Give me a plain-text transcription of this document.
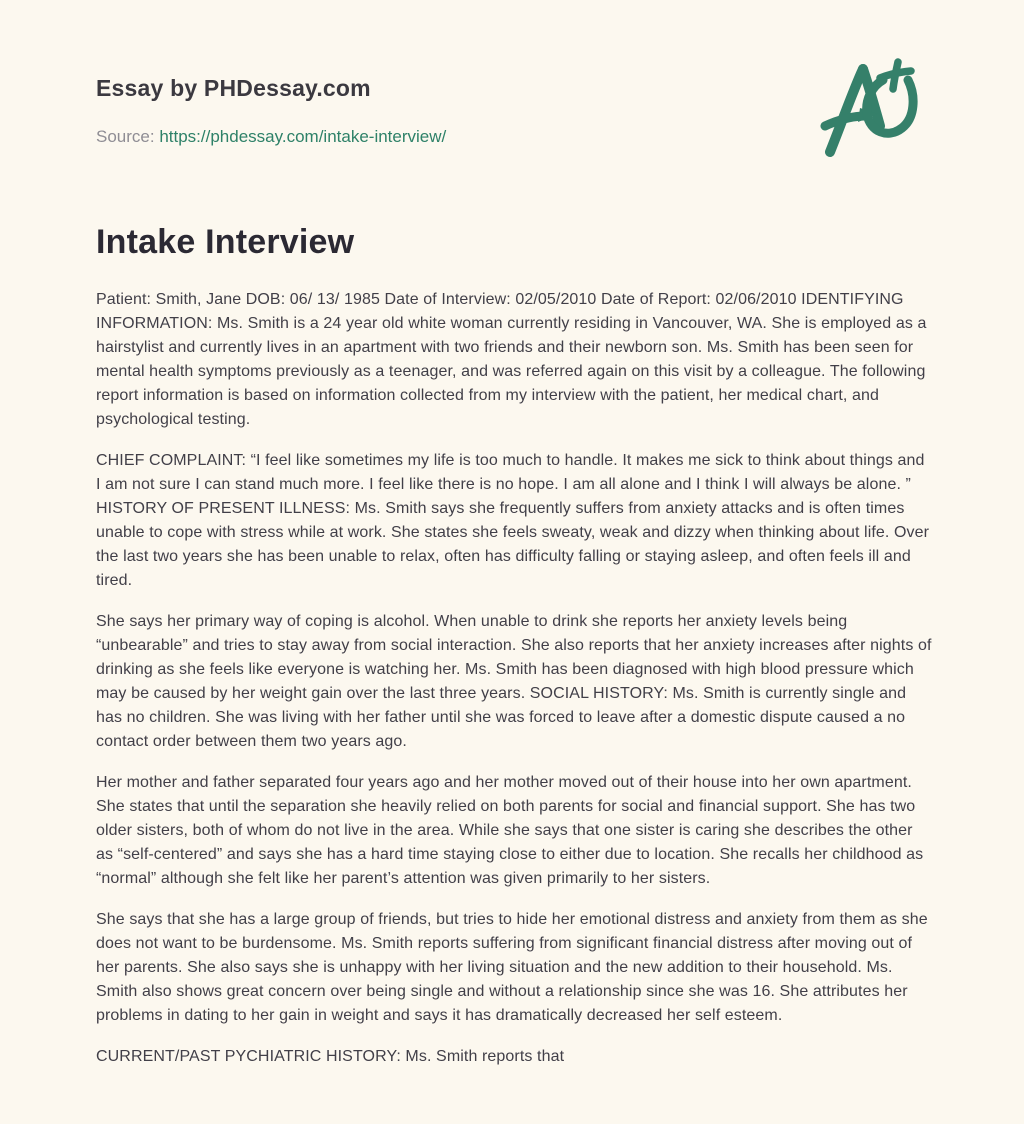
Essay by PHDessay.com
Source: https://phdessay.com/intake-interview/
Intake Interview

Patient: Smith, Jane DOB: 06/ 13/ 1985 Date of Interview: 02/05/2010 Date of Report: 02/06/2010 IDENTIFYING INFORMATION: Ms. Smith is a 24 year old white woman currently residing in Vancouver, WA. She is employed as a hairstylist and currently lives in an apartment with two friends and their newborn son. Ms. Smith has been seen for mental health symptoms previously as a teenager, and was referred again on this visit by a colleague. The following report information is based on information collected from my interview with the patient, her medical chart, and psychological testing.

CHIEF COMPLAINT: “I feel like sometimes my life is too much to handle. It makes me sick to think about things and I am not sure I can stand much more. I feel like there is no hope. I am all alone and I think I will always be alone. ” HISTORY OF PRESENT ILLNESS: Ms. Smith says she frequently suffers from anxiety attacks and is often times unable to cope with stress while at work. She states she feels sweaty, weak and dizzy when thinking about life. Over the last two years she has been unable to relax, often has difficulty falling or staying asleep, and often feels ill and tired.

She says her primary way of coping is alcohol. When unable to drink she reports her anxiety levels being “unbearable” and tries to stay away from social interaction. She also reports that her anxiety increases after nights of drinking as she feels like everyone is watching her. Ms. Smith has been diagnosed with high blood pressure which may be caused by her weight gain over the last three years. SOCIAL HISTORY: Ms. Smith is currently single and has no children. She was living with her father until she was forced to leave after a domestic dispute caused a no contact order between them two years ago.

Her mother and father separated four years ago and her mother moved out of their house into her own apartment. She states that until the separation she heavily relied on both parents for social and financial support. She has two older sisters, both of whom do not live in the area. While she says that one sister is caring she describes the other as “self-centered” and says she has a hard time staying close to either due to location. She recalls her childhood as “normal” although she felt like her parent’s attention was given primarily to her sisters.

She says that she has a large group of friends, but tries to hide her emotional distress and anxiety from them as she does not want to be burdensome. Ms. Smith reports suffering from significant financial distress after moving out of her parents. She also says she is unhappy with her living situation and the new addition to their household. Ms. Smith also shows great concern over being single and without a relationship since she was 16. She attributes her problems in dating to her gain in weight and says it has dramatically decreased her self esteem.

CURRENT/PAST PYCHIATRIC HISTORY: Ms. Smith reports that
